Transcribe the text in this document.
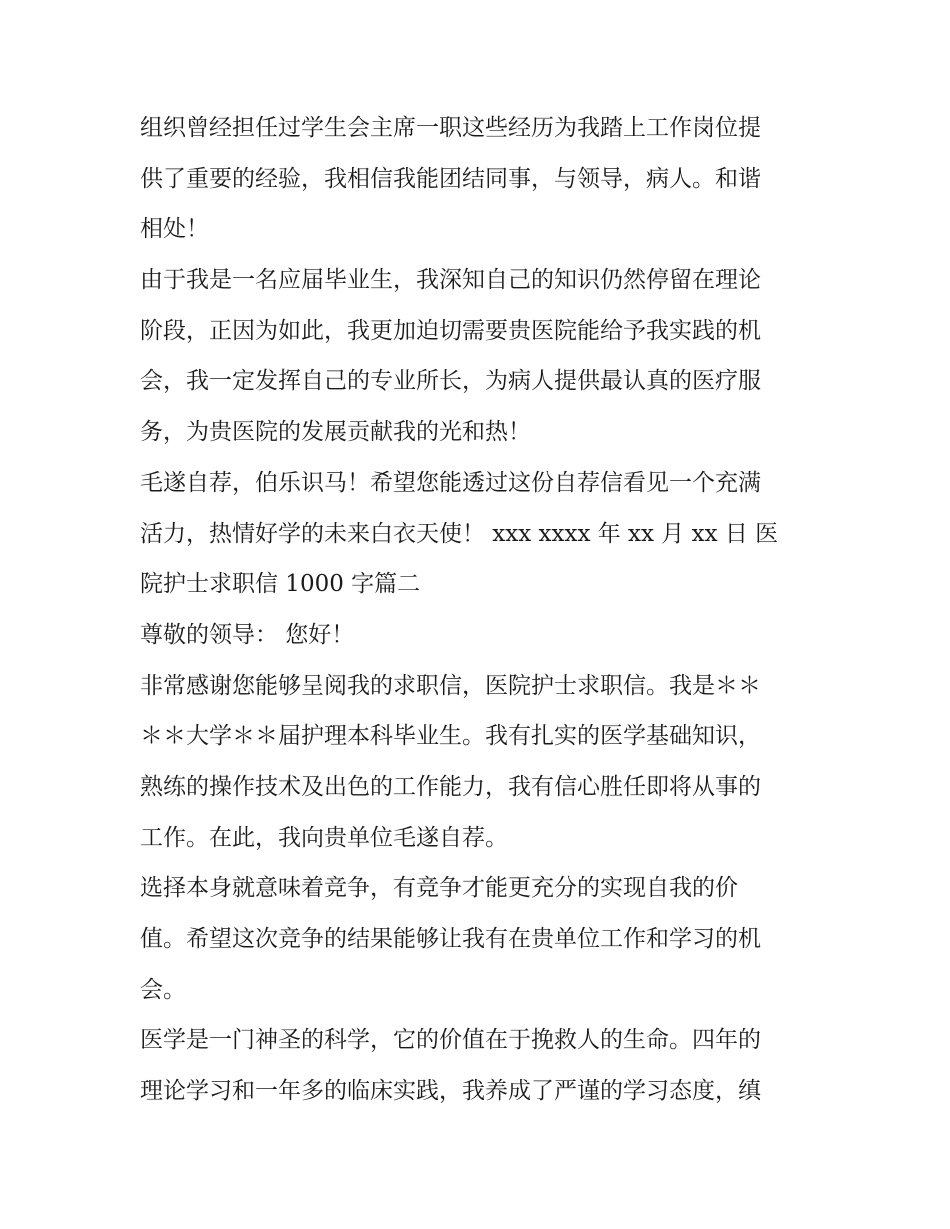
组织曾经担任过学生会主席一职这些经历为我踏上工作岗位提
供了重要的经验，我相信我能团结同事，与领导，病人。和谐
相处！
由于我是一名应届毕业生，我深知自己的知识仍然停留在理论
阶段，正因为如此，我更加迫切需要贵医院能给予我实践的机
会，我一定发挥自己的专业所长，为病人提供最认真的医疗服
务，为贵医院的发展贡献我的光和热！
毛遂自荐，伯乐识马！希望您能透过这份自荐信看见一个充满
活力，热情好学的未来白衣天使！ xxx xxxx 年 xx 月 xx 日 医
院护士求职信 1000 字篇二
尊敬的领导： 您好！
非常感谢您能够呈阅我的求职信，医院护士求职信。我是＊＊
＊＊大学＊＊届护理本科毕业生。我有扎实的医学基础知识，
熟练的操作技术及出色的工作能力，我有信心胜任即将从事的
工作。在此，我向贵单位毛遂自荐。
选择本身就意味着竞争，有竞争才能更充分的实现自我的价
值。希望这次竞争的结果能够让我有在贵单位工作和学习的机
会。
医学是一门神圣的科学，它的价值在于挽救人的生命。四年的
理论学习和一年多的临床实践，我养成了严谨的学习态度，缜
